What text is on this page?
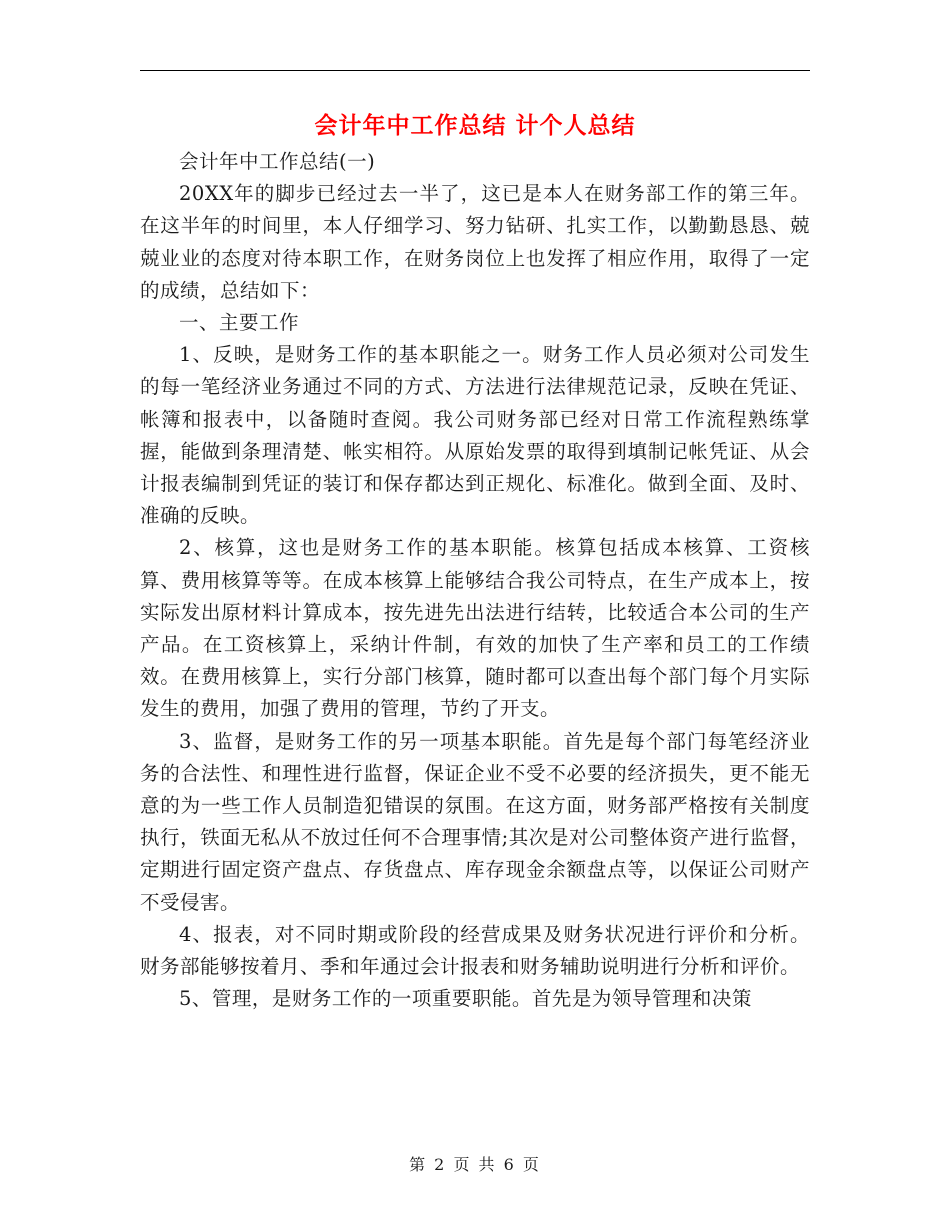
会计年中工作总结 计个人总结

会计年中工作总结(一)

20XX年的脚步已经过去一半了，这已是本人在财务部工作的第三年。在这半年的时间里，本人仔细学习、努力钻研、扎实工作，以勤勤恳恳、兢兢业业的态度对待本职工作，在财务岗位上也发挥了相应作用，取得了一定的成绩，总结如下：

一、主要工作

1、反映，是财务工作的基本职能之一。财务工作人员必须对公司发生的每一笔经济业务通过不同的方式、方法进行法律规范记录，反映在凭证、帐簿和报表中，以备随时查阅。我公司财务部已经对日常工作流程熟练掌握，能做到条理清楚、帐实相符。从原始发票的取得到填制记帐凭证、从会计报表编制到凭证的装订和保存都达到正规化、标准化。做到全面、及时、准确的反映。

2、核算，这也是财务工作的基本职能。核算包括成本核算、工资核算、费用核算等等。在成本核算上能够结合我公司特点，在生产成本上，按实际发出原材料计算成本，按先进先出法进行结转，比较适合本公司的生产产品。在工资核算上，采纳计件制，有效的加快了生产率和员工的工作绩效。在费用核算上，实行分部门核算，随时都可以查出每个部门每个月实际发生的费用，加强了费用的管理，节约了开支。

3、监督，是财务工作的另一项基本职能。首先是每个部门每笔经济业务的合法性、和理性进行监督，保证企业不受不必要的经济损失，更不能无意的为一些工作人员制造犯错误的氛围。在这方面，财务部严格按有关制度执行，铁面无私从不放过任何不合理事情;其次是对公司整体资产进行监督，定期进行固定资产盘点、存货盘点、库存现金余额盘点等，以保证公司财产不受侵害。

4、报表，对不同时期或阶段的经营成果及财务状况进行评价和分析。财务部能够按着月、季和年通过会计报表和财务辅助说明进行分析和评价。

5、管理，是财务工作的一项重要职能。首先是为领导管理和决策

第 2 页 共 6 页
